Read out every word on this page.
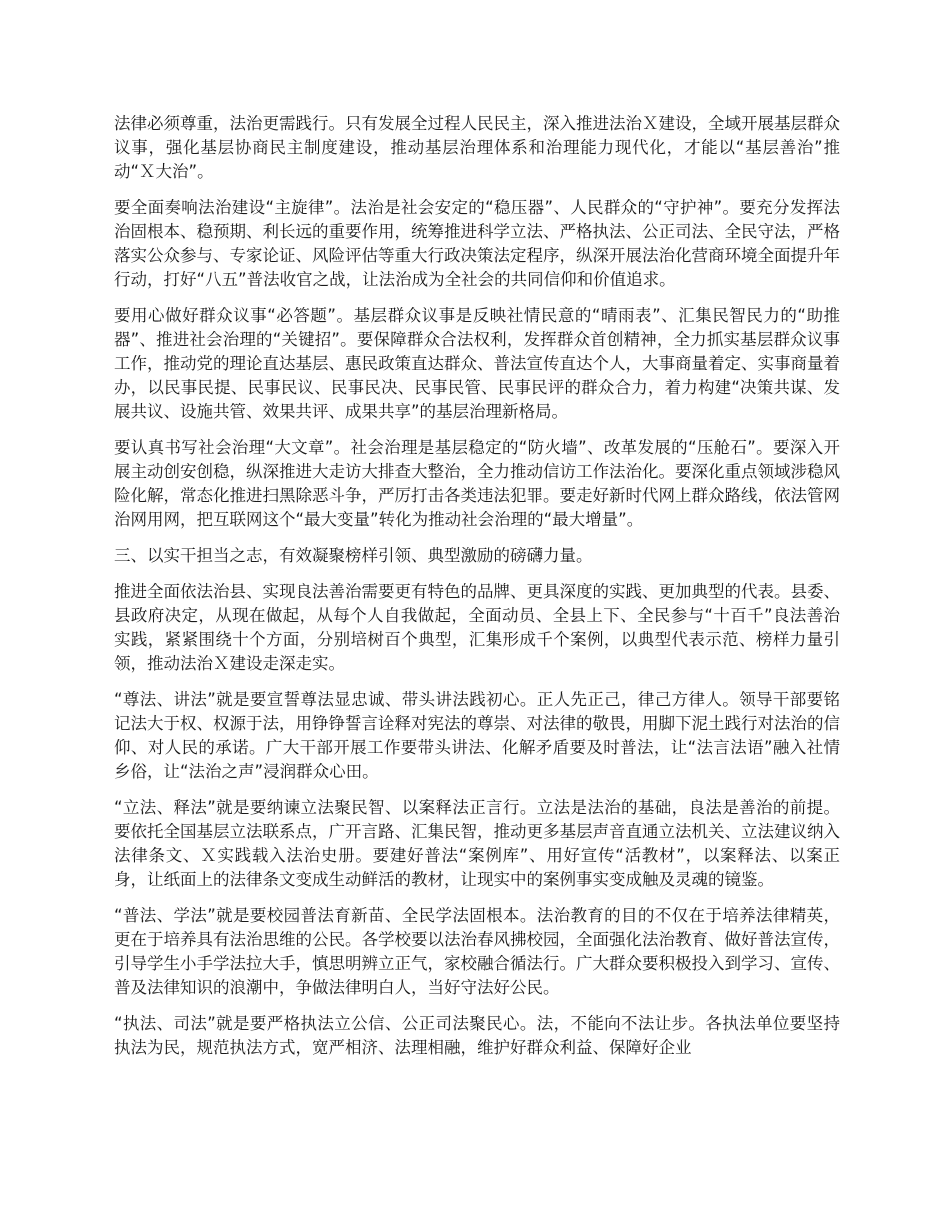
法律必须尊重，法治更需践行。只有发展全过程人民民主，深入推进法治Ｘ建设，全域开展基层群众议事，强化基层协商民主制度建设，推动基层治理体系和治理能力现代化，才能以“基层善治”推动“Ｘ大治”。

要全面奏响法治建设“主旋律”。法治是社会安定的“稳压器”、人民群众的“守护神”。要充分发挥法治固根本、稳预期、利长远的重要作用，统筹推进科学立法、严格执法、公正司法、全民守法，严格落实公众参与、专家论证、风险评估等重大行政决策法定程序，纵深开展法治化营商环境全面提升年行动，打好“八五”普法收官之战，让法治成为全社会的共同信仰和价值追求。

要用心做好群众议事“必答题”。基层群众议事是反映社情民意的“晴雨表”、汇集民智民力的“助推器”、推进社会治理的“关键招”。要保障群众合法权利，发挥群众首创精神，全力抓实基层群众议事工作，推动党的理论直达基层、惠民政策直达群众、普法宣传直达个人，大事商量着定、实事商量着办，以民事民提、民事民议、民事民决、民事民管、民事民评的群众合力，着力构建“决策共谋、发展共议、设施共管、效果共评、成果共享”的基层治理新格局。

要认真书写社会治理“大文章”。社会治理是基层稳定的“防火墙”、改革发展的“压舱石”。要深入开展主动创安创稳，纵深推进大走访大排查大整治，全力推动信访工作法治化。要深化重点领域涉稳风险化解，常态化推进扫黑除恶斗争，严厉打击各类违法犯罪。要走好新时代网上群众路线，依法管网治网用网，把互联网这个“最大变量”转化为推动社会治理的“最大增量”。

三、以实干担当之志，有效凝聚榜样引领、典型激励的磅礴力量。

推进全面依法治县、实现良法善治需要更有特色的品牌、更具深度的实践、更加典型的代表。县委、县政府决定，从现在做起，从每个人自我做起，全面动员、全县上下、全民参与“十百千”良法善治实践，紧紧围绕十个方面，分别培树百个典型，汇集形成千个案例，以典型代表示范、榜样力量引领，推动法治Ｘ建设走深走实。

“尊法、讲法”就是要宣誓尊法显忠诚、带头讲法践初心。正人先正己，律己方律人。领导干部要铭记法大于权、权源于法，用铮铮誓言诠释对宪法的尊崇、对法律的敬畏，用脚下泥土践行对法治的信仰、对人民的承诺。广大干部开展工作要带头讲法、化解矛盾要及时普法，让“法言法语”融入社情乡俗，让“法治之声”浸润群众心田。

“立法、释法”就是要纳谏立法聚民智、以案释法正言行。立法是法治的基础，良法是善治的前提。要依托全国基层立法联系点，广开言路、汇集民智，推动更多基层声音直通立法机关、立法建议纳入法律条文、Ｘ实践载入法治史册。要建好普法“案例库”、用好宣传“活教材”，以案释法、以案正身，让纸面上的法律条文变成生动鲜活的教材，让现实中的案例事实变成触及灵魂的镜鉴。

“普法、学法”就是要校园普法育新苗、全民学法固根本。法治教育的目的不仅在于培养法律精英，更在于培养具有法治思维的公民。各学校要以法治春风拂校园，全面强化法治教育、做好普法宣传，引导学生小手学法拉大手，慎思明辨立正气，家校融合循法行。广大群众要积极投入到学习、宣传、普及法律知识的浪潮中，争做法律明白人，当好守法好公民。

“执法、司法”就是要严格执法立公信、公正司法聚民心。法，不能向不法让步。各执法单位要坚持执法为民，规范执法方式，宽严相济、法理相融，维护好群众利益、保障好企业
